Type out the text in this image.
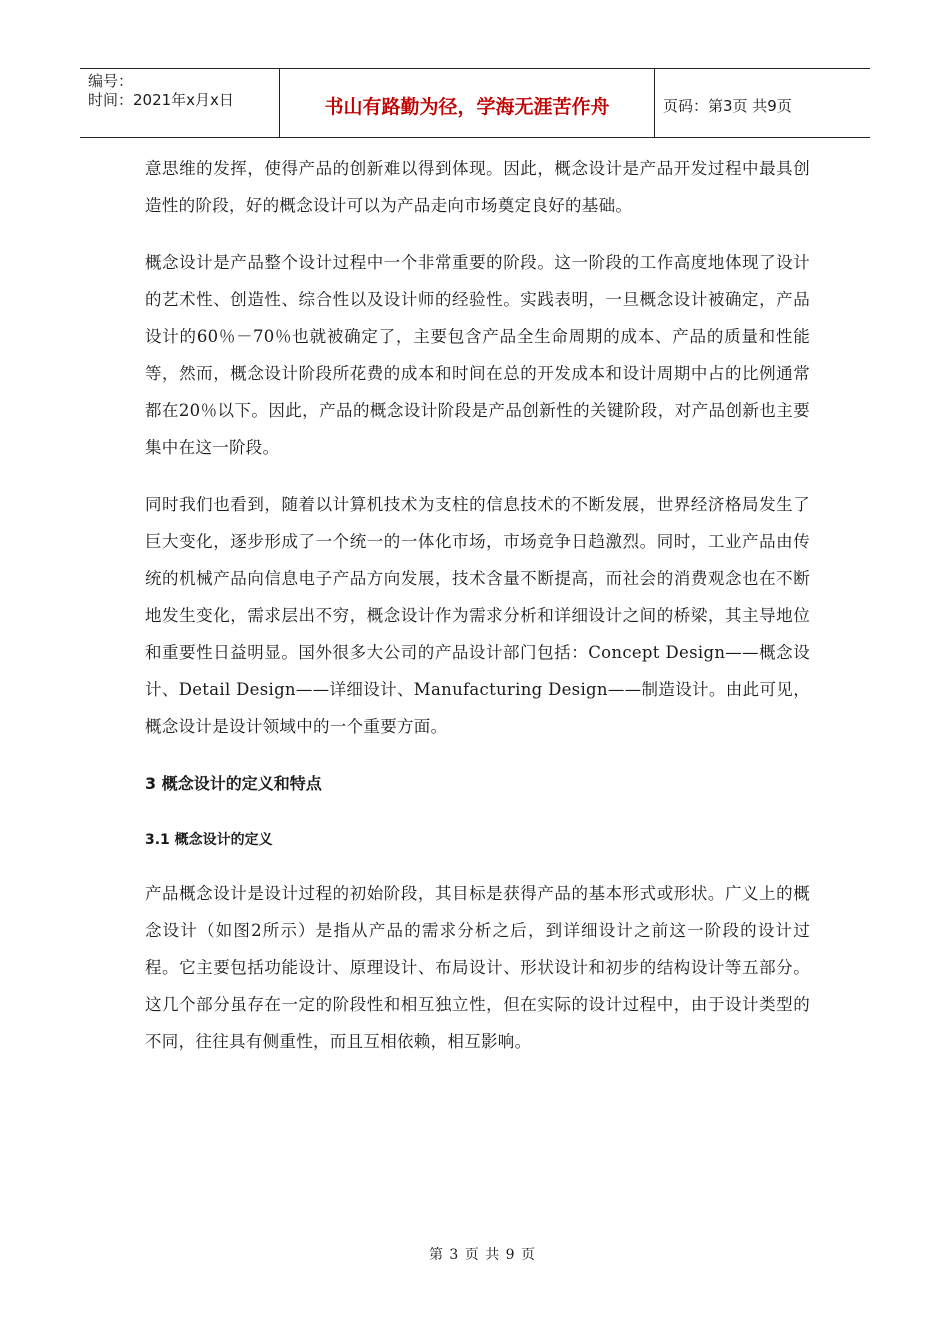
编号：
时间：2021年x月x日	书山有路勤为径，学海无涯苦作舟	页码：第3页 共9页

意思维的发挥，使得产品的创新难以得到体现。因此，概念设计是产品开发过程中最具创造性的阶段，好的概念设计可以为产品走向市场奠定良好的基础。

概念设计是产品整个设计过程中一个非常重要的阶段。这一阶段的工作高度地体现了设计的艺术性、创造性、综合性以及设计师的经验性。实践表明，一旦概念设计被确定，产品设计的60％－70％也就被确定了，主要包含产品全生命周期的成本、产品的质量和性能等，然而，概念设计阶段所花费的成本和时间在总的开发成本和设计周期中占的比例通常都在20％以下。因此，产品的概念设计阶段是产品创新性的关键阶段，对产品创新也主要集中在这一阶段。

同时我们也看到，随着以计算机技术为支柱的信息技术的不断发展，世界经济格局发生了巨大变化，逐步形成了一个统一的一体化市场，市场竞争日趋激烈。同时，工业产品由传统的机械产品向信息电子产品方向发展，技术含量不断提高，而社会的消费观念也在不断地发生变化，需求层出不穷，概念设计作为需求分析和详细设计之间的桥梁，其主导地位和重要性日益明显。国外很多大公司的产品设计部门包括：Concept Design——概念设计、Detail Design——详细设计、Manufacturing Design——制造设计。由此可见，概念设计是设计领域中的一个重要方面。

3 概念设计的定义和特点
3.1 概念设计的定义

产品概念设计是设计过程的初始阶段，其目标是获得产品的基本形式或形状。广义上的概念设计（如图2所示）是指从产品的需求分析之后，到详细设计之前这一阶段的设计过程。它主要包括功能设计、原理设计、布局设计、形状设计和初步的结构设计等五部分。这几个部分虽存在一定的阶段性和相互独立性，但在实际的设计过程中，由于设计类型的不同，往往具有侧重性，而且互相依赖，相互影响。

第 3 页 共 9 页
